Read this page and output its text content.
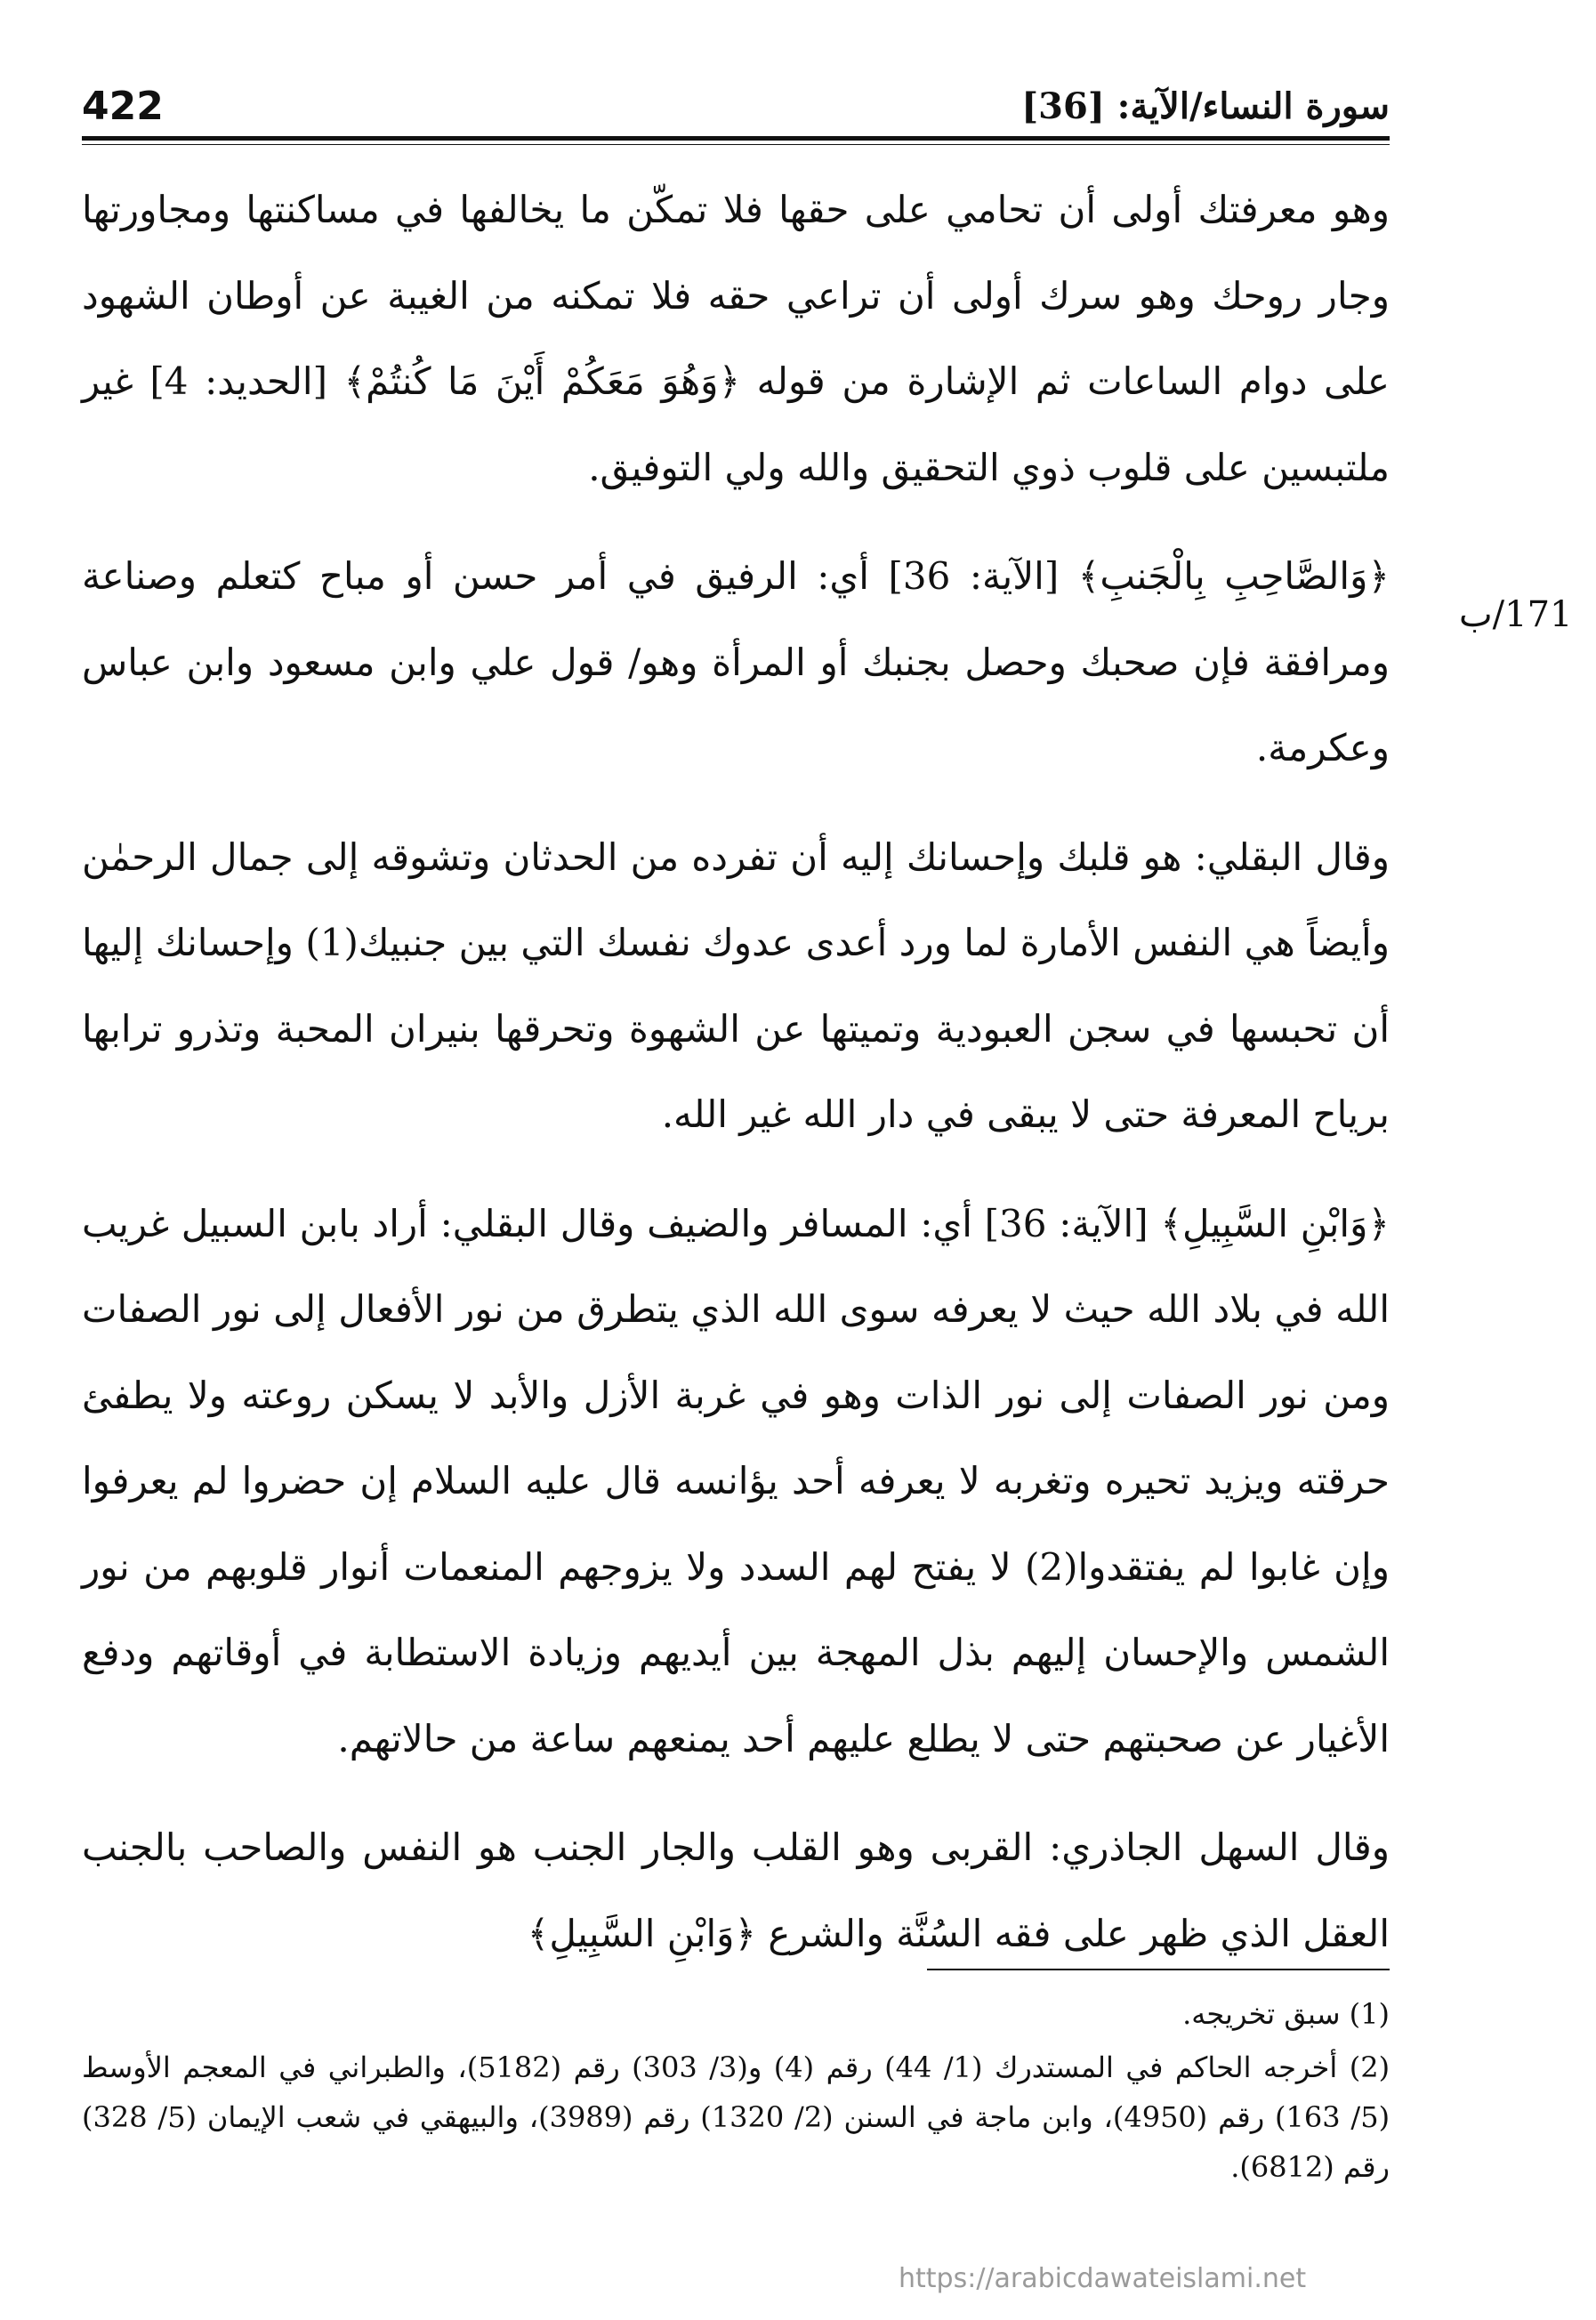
422	سورة النساء/الآية: [36]

وهو معرفتك أولى أن تحامي على حقها فلا تمكّن ما يخالفها في مساكنتها ومجاورتها وجار روحك وهو سرك أولى أن تراعي حقه فلا تمكنه من الغيبة عن أوطان الشهود على دوام الساعات ثم الإشارة من قوله ﴿وَهُوَ مَعَكُمْ أَيْنَ مَا كُنتُمْ﴾ [الحديد: 4] غير ملتبسين على قلوب ذوي التحقيق والله ولي التوفيق.

﴿وَالصَّاحِبِ بِالْجَنبِ﴾ [الآية: 36] أي: الرفيق في أمر حسن أو مباح كتعلم وصناعة ومرافقة فإن صحبك وحصل بجنبك أو المرأة وهو/ قول علي وابن مسعود وابن عباس وعكرمة.

وقال البقلي: هو قلبك وإحسانك إليه أن تفرده من الحدثان وتشوقه إلى جمال الرحمٰن وأيضاً هي النفس الأمارة لما ورد أعدى عدوك نفسك التي بين جنبيك(1) وإحسانك إليها أن تحبسها في سجن العبودية وتميتها عن الشهوة وتحرقها بنيران المحبة وتذرو ترابها برياح المعرفة حتى لا يبقى في دار الله غير الله.

﴿وَابْنِ السَّبِيلِ﴾ [الآية: 36] أي: المسافر والضيف وقال البقلي: أراد بابن السبيل غريب الله في بلاد الله حيث لا يعرفه سوى الله الذي يتطرق من نور الأفعال إلى نور الصفات ومن نور الصفات إلى نور الذات وهو في غربة الأزل والأبد لا يسكن روعته ولا يطفئ حرقته ويزيد تحيره وتغربه لا يعرفه أحد يؤانسه قال عليه السلام إن حضروا لم يعرفوا وإن غابوا لم يفتقدوا(2) لا يفتح لهم السدد ولا يزوجهم المنعمات أنوار قلوبهم من نور الشمس والإحسان إليهم بذل المهجة بين أيديهم وزيادة الاستطابة في أوقاتهم ودفع الأغيار عن صحبتهم حتى لا يطلع عليهم أحد يمنعهم ساعة من حالاتهم.

وقال السهل الجاذري: القربى وهو القلب والجار الجنب هو النفس والصاحب بالجنب العقل الذي ظهر على فقه السُنَّة والشرع ﴿وَابْنِ السَّبِيلِ﴾

171/ب

(1) سبق تخريجه.

(2) أخرجه الحاكم في المستدرك (1/ 44) رقم (4) و(3/ 303) رقم (5182)، والطبراني في المعجم الأوسط (5/ 163) رقم (4950)، وابن ماجة في السنن (2/ 1320) رقم (3989)، والبيهقي في شعب الإيمان (5/ 328) رقم (6812).

https://arabicdawateislami.net
